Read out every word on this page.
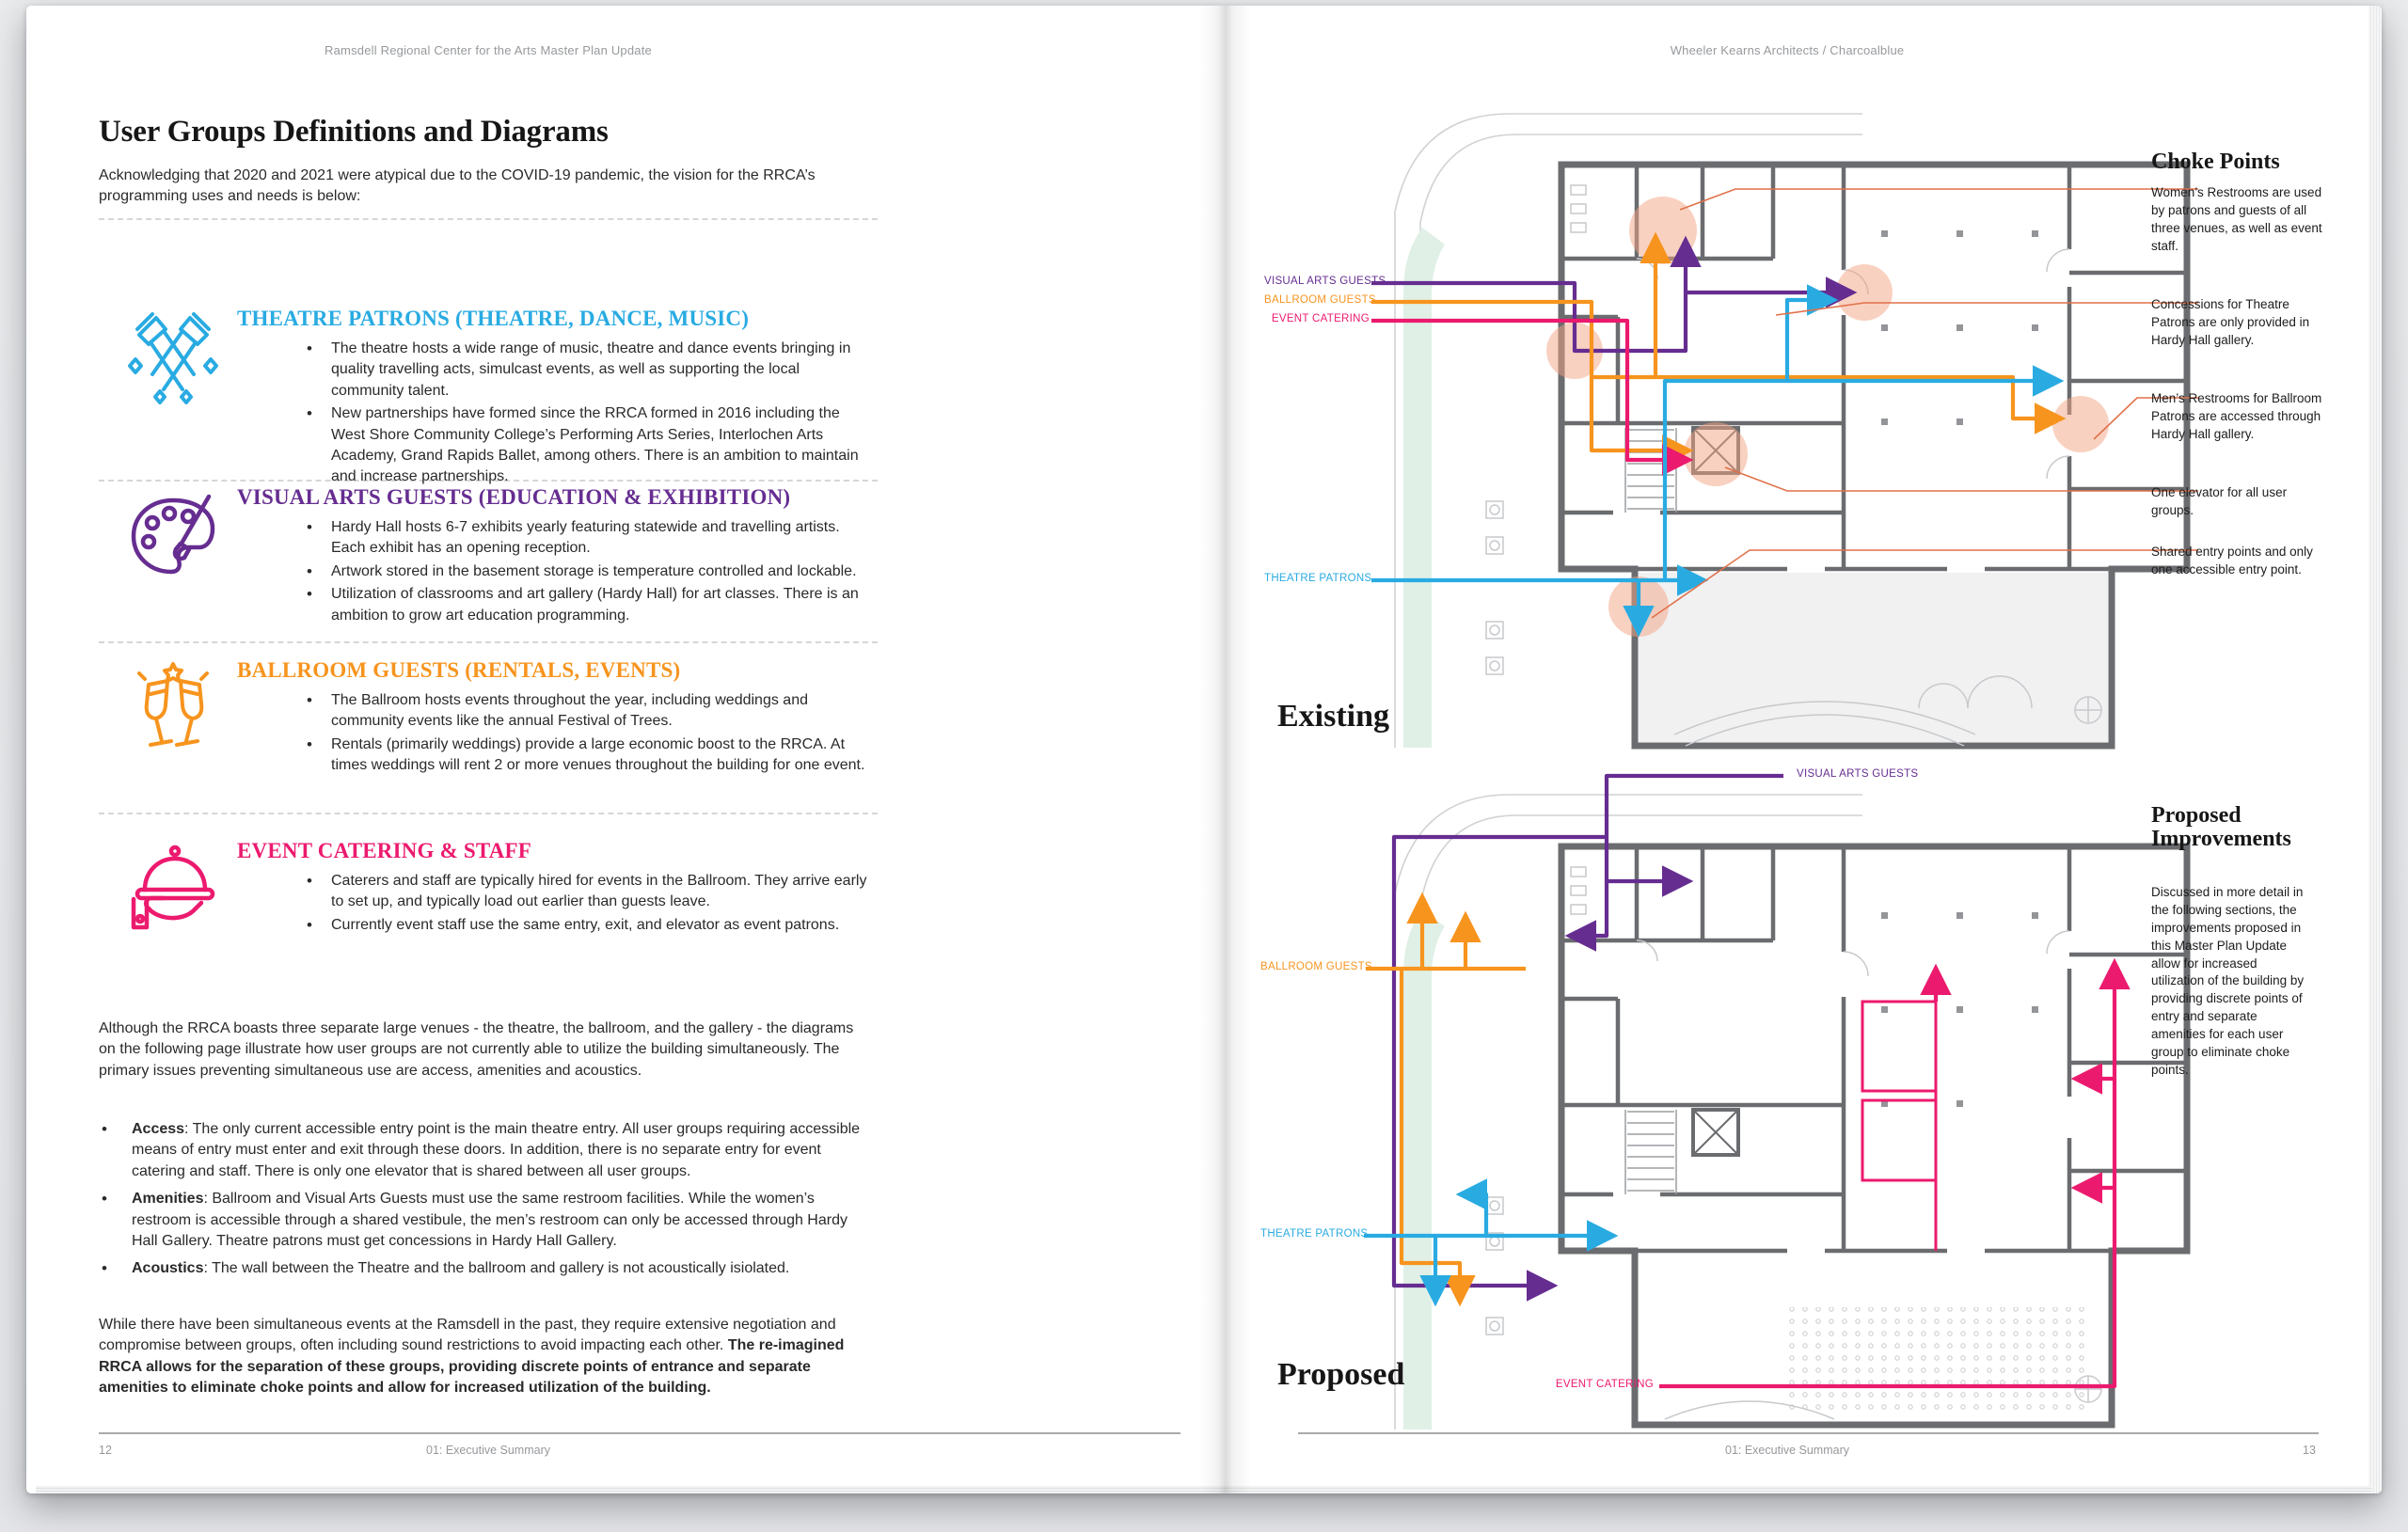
Ramsdell Regional Center for the Arts Master Plan Update
User Groups Definitions and Diagrams
Acknowledging that 2020 and 2021 were atypical due to the COVID-19 pandemic, the vision for the RRCA’s programming uses and needs is below:
THEATRE PATRONS (THEATRE, DANCE, MUSIC)
• The theatre hosts a wide range of music, theatre and dance events bringing in quality travelling acts, simulcast events, as well as supporting the local community talent.
• New partnerships have formed since the RRCA formed in 2016 including the West Shore Community College’s Performing Arts Series, Interlochen Arts Academy, Grand Rapids Ballet, among others. There is an ambition to maintain and increase partnerships.
VISUAL ARTS GUESTS (EDUCATION & EXHIBITION)
• Hardy Hall hosts 6-7 exhibits yearly featuring statewide and travelling artists. Each exhibit has an opening reception.
• Artwork stored in the basement storage is temperature controlled and lockable.
• Utilization of classrooms and art gallery (Hardy Hall) for art classes. There is an ambition to grow art education programming.
BALLROOM GUESTS (RENTALS, EVENTS)
• The Ballroom hosts events throughout the year, including weddings and community events like the annual Festival of Trees.
• Rentals (primarily weddings) provide a large economic boost to the RRCA. At times weddings will rent 2 or more venues throughout the building for one event.
EVENT CATERING & STAFF
• Caterers and staff are typically hired for events in the Ballroom. They arrive early to set up, and typically load out earlier than guests leave.
• Currently event staff use the same entry, exit, and elevator as event patrons.
Although the RRCA boasts three separate large venues - the theatre, the ballroom, and the gallery - the diagrams on the following page illustrate how user groups are not currently able to utilize the building simultaneously. The primary issues preventing simultaneous use are access, amenities and acoustics.
• Access: The only current accessible entry point is the main theatre entry. All user groups requiring accessible means of entry must enter and exit through these doors. In addition, there is no separate entry for event catering and staff. There is only one elevator that is shared between all user groups.
• Amenities: Ballroom and Visual Arts Guests must use the same restroom facilities. While the women’s restroom is accessible through a shared vestibule, the men’s restroom can only be accessed through Hardy Hall Gallery. Theatre patrons must get concessions in Hardy Hall Gallery.
• Acoustics: The wall between the Theatre and the ballroom and gallery is not acoustically isiolated.
While there have been simultaneous events at the Ramsdell in the past, they require extensive negotiation and compromise between groups, often including sound restrictions to avoid impacting each other. The re-imagined RRCA allows for the separation of these groups, providing discrete points of entrance and separate amenities to eliminate choke points and allow for increased utilization of the building.
12	01: Executive Summary
Wheeler Kearns Architects / Charcoalblue
VISUAL ARTS GUESTS
BALLROOM GUESTS
EVENT CATERING
THEATRE PATRONS
Existing
Choke Points
Women’s Restrooms are used by patrons and guests of all three venues, as well as event staff.
Concessions for Theatre Patrons are only provided in Hardy Hall gallery.
Men’s Restrooms for Ballroom Patrons are accessed through Hardy Hall gallery.
One elevator for all user groups.
Shared entry points and only one accessible entry point.
VISUAL ARTS GUESTS
BALLROOM GUESTS
THEATRE PATRONS
EVENT CATERING
Proposed
Proposed Improvements
Discussed in more detail in the following sections, the improvements proposed in this Master Plan Update allow for increased utilization of the building by providing discrete points of entry and separate amenities for each user group to eliminate choke points.
01: Executive Summary	13
